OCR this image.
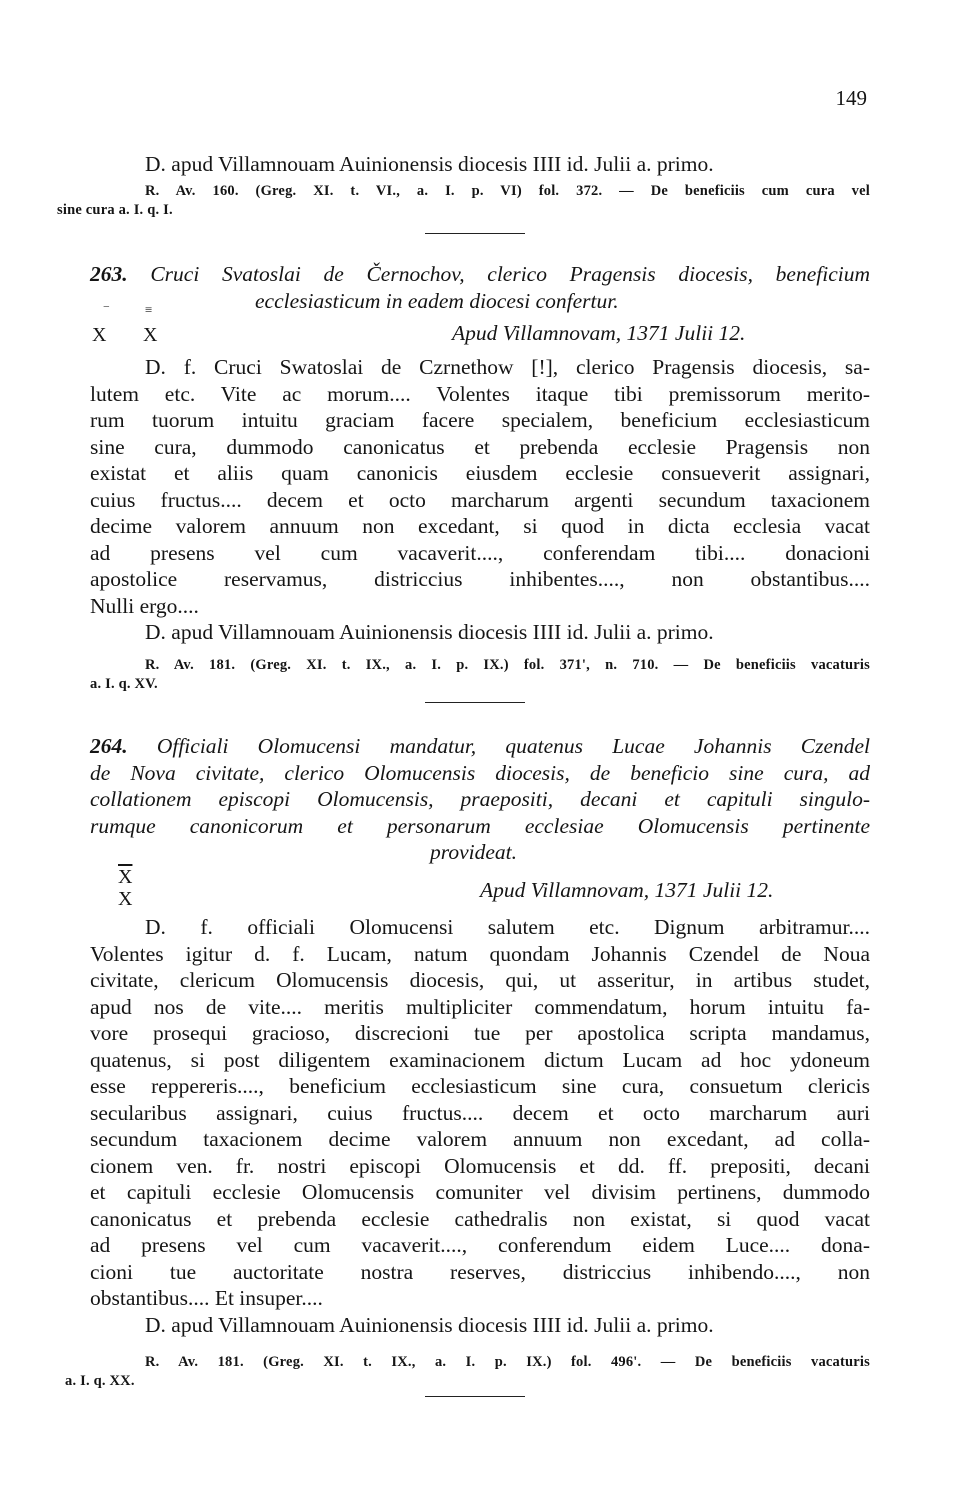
149
D. apud Villamnouam Auinionensis diocesis IIII id. Julii a. primo.
R. Av. 160. (Greg. XI. t. VI., a. I. p. VI) fol. 372. — De beneficiis cum cura vel
sine cura a. I. q. I.
263. Cruci Svatoslai de Černochov, clerico Pragensis diocesis, beneficium
ecclesiasticum in eadem diocesi confertur.
X
‾	≡
X	Apud Villamnovam, 1371 Julii 12.
D. f. Cruci Swatoslai de Czrnethow [!], clerico Pragensis diocesis, sa-
lutem etc. Vite ac morum.... Volentes itaque tibi premissorum merito-
rum tuorum intuitu graciam facere specialem, beneficium ecclesiasticum
sine cura, dummodo canonicatus et prebenda ecclesie Pragensis non
existat et aliis quam canonicis eiusdem ecclesie consueverit assignari,
cuius fructus.... decem et octo marcharum argenti secundum taxacionem
decime valorem annuum non excedant, si quod in dicta ecclesia vacat
ad presens vel cum vacaverit...., conferendam tibi.... donacioni
apostolice reservamus, districcius inhibentes...., non obstantibus....
Nulli ergo....
D. apud Villamnouam Auinionensis diocesis IIII id. Julii a. primo.
R. Av. 181. (Greg. XI. t. IX., a. I. p. IX.) fol. 371', n. 710. — De beneficiis vacaturis
a. I. q. XV.
264. Officiali Olomucensi mandatur, quatenus Lucae Johannis Czendel
de Nova civitate, clerico Olomucensis diocesis, de beneficio sine cura, ad
collationem episcopi Olomucensis, praepositi, decani et capituli singulo-
rumque canonicorum et personarum ecclesiae Olomucensis pertinente
provideat.
$\overline{X}$
X	Apud Villamnovam, 1371 Julii 12.
D. f. officiali Olomucensi salutem etc. Dignum arbitramur....
Volentes igitur d. f. Lucam, natum quondam Johannis Czendel de Noua
civitate, clericum Olomucensis diocesis, qui, ut asseritur, in artibus studet,
apud nos de vite.... meritis multipliciter commendatum, horum intuitu fa-
vore prosequi gracioso, discrecioni tue per apostolica scripta mandamus,
quatenus, si post diligentem examinacionem dictum Lucam ad hoc ydoneum
esse reppereris...., beneficium ecclesiasticum sine cura, consuetum clericis
secularibus assignari, cuius fructus.... decem et octo marcharum auri
secundum taxacionem decime valorem annuum non excedant, ad colla-
cionem ven. fr. nostri episcopi Olomucensis et dd. ff. prepositi, decani
et capituli ecclesie Olomucensis comuniter vel divisim pertinens, dummodo
canonicatus et prebenda ecclesie cathedralis non existat, si quod vacat
ad presens vel cum vacaverit...., conferendum eidem Luce.... dona-
cioni tue auctoritate nostra reserves, districcius inhibendo...., non
obstantibus.... Et insuper....
D. apud Villamnouam Auinionensis diocesis IIII id. Julii a. primo.
R. Av. 181. (Greg. XI. t. IX., a. I. p. IX.) fol. 496'. — De beneficiis vacaturis
a. I. q. XX.
